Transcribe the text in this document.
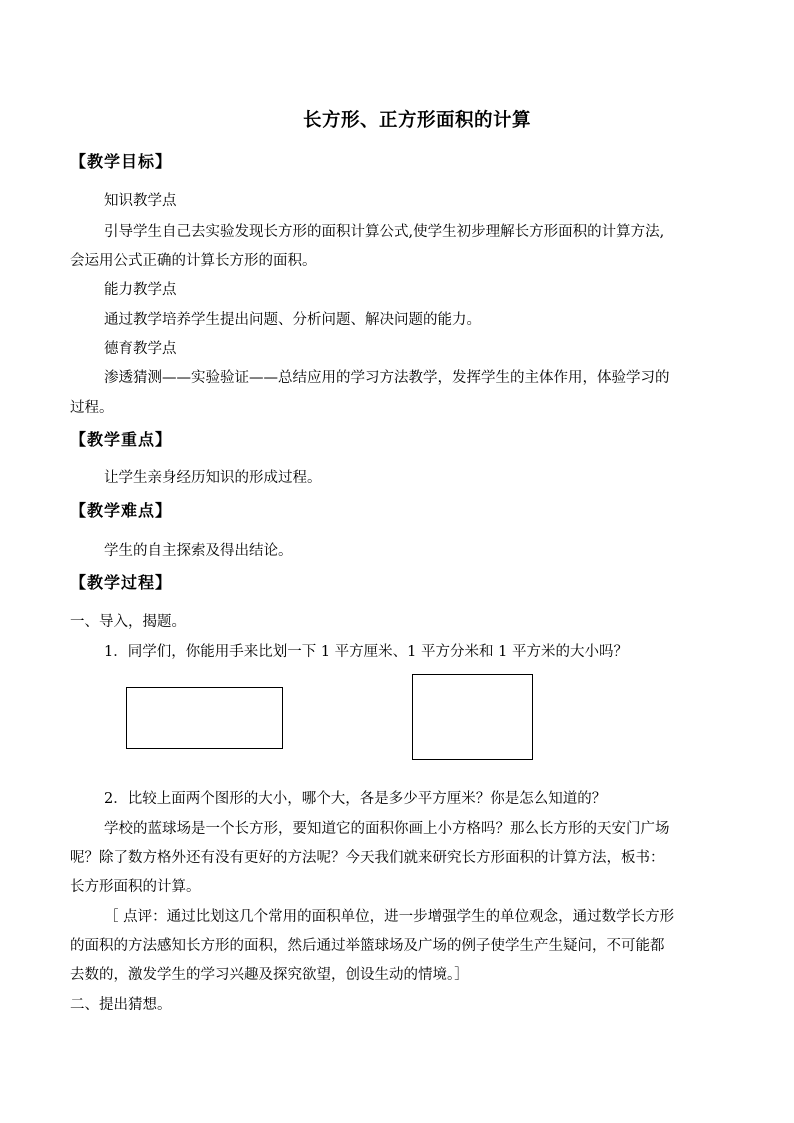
长方形、正方形面积的计算
【教学目标】
知识教学点
引导学生自己去实验发现长方形的面积计算公式,使学生初步理解长方形面积的计算方法,
会运用公式正确的计算长方形的面积。
能力教学点
通过教学培养学生提出问题、分析问题、解决问题的能力。
德育教学点
渗透猜测——实验验证——总结应用的学习方法教学，发挥学生的主体作用，体验学习的
过程。
【教学重点】
让学生亲身经历知识的形成过程。
【教学难点】
学生的自主探索及得出结论。
【教学过程】
一、导入，揭题。
1．同学们，你能用手来比划一下 1 平方厘米、1 平方分米和 1 平方米的大小吗？
2．比较上面两个图形的大小，哪个大，各是多少平方厘米？你是怎么知道的？
学校的蓝球场是一个长方形，要知道它的面积你画上小方格吗？那么长方形的天安门广场
呢？除了数方格外还有没有更好的方法呢？今天我们就来研究长方形面积的计算方法，板书：
长方形面积的计算。
［ 点评：通过比划这几个常用的面积单位，进一步增强学生的单位观念，通过数学长方形
的面积的方法感知长方形的面积，然后通过举篮球场及广场的例子使学生产生疑问，不可能都
去数的，激发学生的学习兴趣及探究欲望，创设生动的情境。］
二、提出猜想。
